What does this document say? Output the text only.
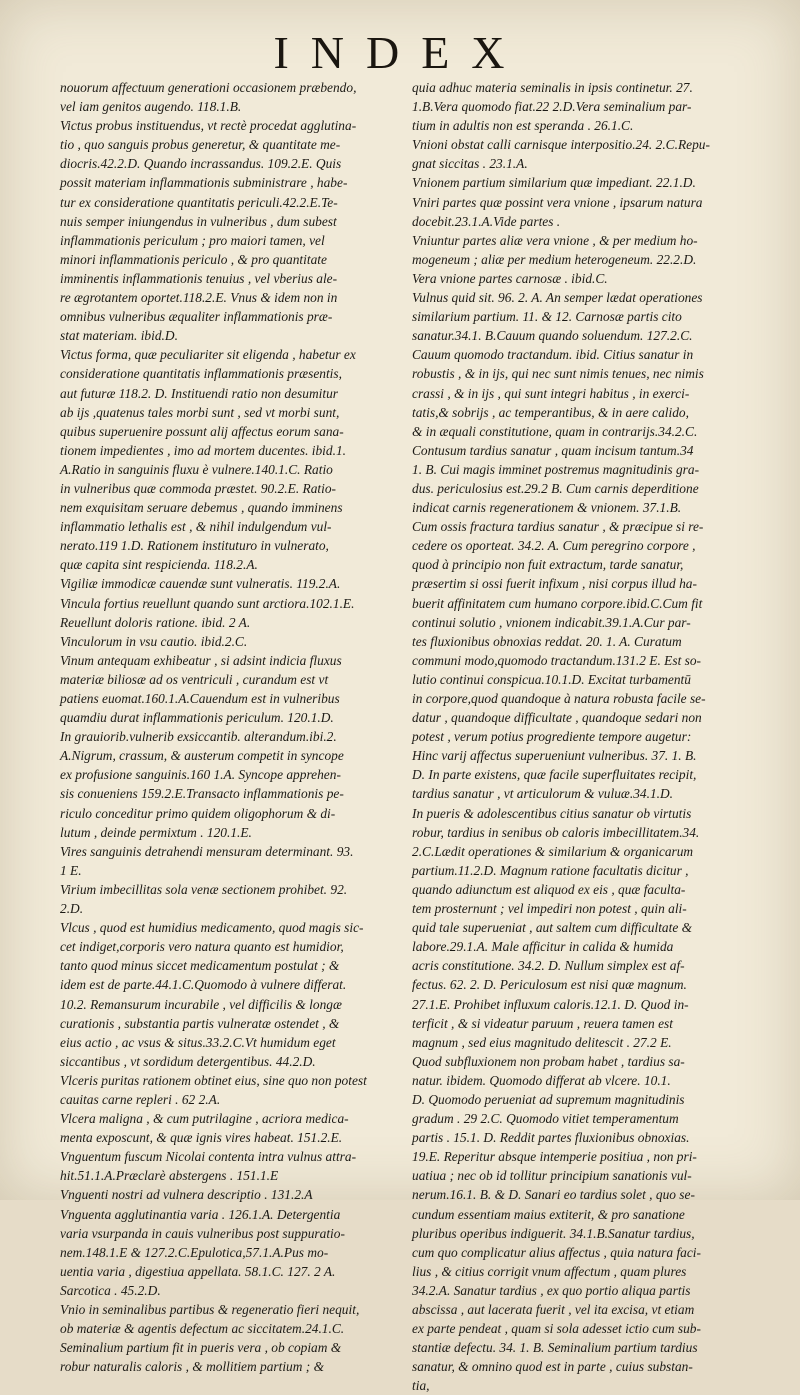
INDEX
nouorum affectuum generationi occasionem præbendo,
vel iam genitos augendo. 118.1.B.
Victus probus instituendus, vt rectè procedat agglutina-
tio , quo sanguis probus generetur, & quantitate me-
diocris.42.2.D. Quando incrassandus. 109.2.E. Quis
possit materiam inflammationis subministrare , habe-
tur ex consideratione quantitatis periculi.42.2.E.Te-
nuis semper iniungendus in vulneribus , dum subest
inflammationis periculum ; pro maiori tamen, vel
minori inflammationis periculo , & pro quantitate
imminentis inflammationis tenuius , vel vberius ale-
re ægrotantem oportet.118.2.E. Vnus & idem non in
omnibus vulneribus æqualiter inflammationis præ-
stat materiam. ibid.D.
Victus forma, quæ peculiariter sit eligenda , habetur ex
consideratione quantitatis inflammationis præsentis,
aut futuræ 118.2. D. Instituendi ratio non desumitur
ab ijs ,quatenus tales morbi sunt , sed vt morbi sunt,
quibus superuenire possunt alij affectus eorum sana-
tionem impedientes , imo ad mortem ducentes. ibid.1.
A.Ratio in sanguinis fluxu è vulnere.140.1.C. Ratio
in vulneribus quæ commoda præstet. 90.2.E. Ratio-
nem exquisitam seruare debemus , quando imminens
inflammatio lethalis est , & nihil indulgendum vul-
nerato.119 1.D. Rationem instituturo in vulnerato,
quæ capita sint respicienda. 118.2.A.
Vigiliæ immodicæ cauendæ sunt vulneratis. 119.2.A.
Vincula fortius reuellunt quando sunt arctiora.102.1.E.
Reuellunt doloris ratione. ibid. 2 A.
Vinculorum in vsu cautio. ibid.2.C.
Vinum antequam exhibeatur , si adsint indicia fluxus
materiæ biliosæ ad os ventriculi , curandum est vt
patiens euomat.160.1.A.Cauendum est in vulneribus
quamdiu durat inflammationis periculum. 120.1.D.
In grauiorib.vulnerib exsiccantib. alterandum.ibi.2.
A.Nigrum, crassum, & austerum competit in syncope
ex profusione sanguinis.160 1.A. Syncope apprehen-
sis conueniens 159.2.E.Transacto inflammationis pe-
riculo conceditur primo quidem oligophorum & di-
lutum , deinde permixtum . 120.1.E.
Vires sanguinis detrahendi mensuram determinant. 93.
1 E.
Virium imbecillitas sola venæ sectionem prohibet. 92.
2.D.
Vlcus , quod est humidius medicamento, quod magis sic-
cet indiget,corporis vero natura quanto est humidior,
tanto quod minus siccet medicamentum postulat ; &
idem est de parte.44.1.C.Quomodo à vulnere differat.
10.2. Remansurum incurabile , vel difficilis & longæ
curationis , substantia partis vulneratæ ostendet , &
eius actio , ac vsus & situs.33.2.C.Vt humidum eget
siccantibus , vt sordidum detergentibus. 44.2.D.
Vlceris puritas rationem obtinet eius, sine quo non potest
cauitas carne repleri . 62 2.A.
Vlcera maligna , & cum putrilagine , acriora medica-
menta exposcunt, & quæ ignis vires habeat. 151.2.E.
Vnguentum fuscum Nicolai contenta intra vulnus attra-
hit.51.1.A.Præclarè abstergens . 151.1.E
Vnguenti nostri ad vulnera descriptio . 131.2.A
Vnguenta agglutinantia varia . 126.1.A. Detergentia
varia vsurpanda in cauis vulneribus post suppuratio-
nem.148.1.E & 127.2.C.Epulotica,57.1.A.Pus mo-
uentia varia , digestiua appellata. 58.1.C. 127. 2 A.
Sarcotica . 45.2.D.
Vnio in seminalibus partibus & regeneratio fieri nequit,
ob materiæ & agentis defectum ac siccitatem.24.1.C.
Seminalium partium fit in pueris vera , ob copiam &
robur naturalis caloris , & mollitiem partium ; &
quia adhuc materia seminalis in ipsis continetur. 27.
1.B.Vera quomodo fiat.22 2.D.Vera seminalium par-
tium in adultis non est speranda . 26.1.C.
Vnioni obstat calli carnisque interpositio.24. 2.C.Repu-
gnat siccitas . 23.1.A.
Vnionem partium similarium quæ impediant. 22.1.D.
Vniri partes quæ possint vera vnione , ipsarum natura
docebit.23.1.A.Vide partes .
Vniuntur partes aliæ vera vnione , & per medium ho-
mogeneum ; aliæ per medium heterogeneum. 22.2.D.
Vera vnione partes carnosæ . ibid.C.
Vulnus quid sit. 96. 2. A. An semper lædat operationes
similarium partium. 11. & 12. Carnosæ partis cito
sanatur.34.1. B.Cauum quando soluendum. 127.2.C.
Cauum quomodo tractandum. ibid. Citius sanatur in
robustis , & in ijs, qui nec sunt nimis tenues, nec nimis
crassi , & in ijs , qui sunt integri habitus , in exerci-
tatis,& sobrijs , ac temperantibus, & in aere calido,
& in æquali constitutione, quam in contrarijs.34.2.C.
Contusum tardius sanatur , quam incisum tantum.34
1. B. Cui magis imminet postremus magnitudinis gra-
dus. periculosius est.29.2 B. Cum carnis deperditione
indicat carnis regenerationem & vnionem. 37.1.B.
Cum ossis fractura tardius sanatur , & præcipue si re-
cedere os oporteat. 34.2. A. Cum peregrino corpore ,
quod à principio non fuit extractum, tarde sanatur,
præsertim si ossi fuerit infixum , nisi corpus illud ha-
buerit affinitatem cum humano corpore.ibid.C.Cum fit
continui solutio , vnionem indicabit.39.1.A.Cur par-
tes fluxionibus obnoxias reddat. 20. 1. A. Curatum
communi modo,quomodo tractandum.131.2 E. Est so-
lutio continui conspicua.10.1.D. Excitat turbamentū
in corpore,quod quandoque à natura robusta facile se-
datur , quandoque difficultate , quandoque sedari non
potest , verum potius progrediente tempore augetur:
Hinc varij affectus superueniunt vulneribus. 37. 1. B.
D. In parte existens, quæ facile superfluitates recipit,
tardius sanatur , vt articulorum & vuluæ.34.1.D.
In pueris & adolescentibus citius sanatur ob virtutis
robur, tardius in senibus ob caloris imbecillitatem.34.
2.C.Lædit operationes & similarium & organicarum
partium.11.2.D. Magnum ratione facultatis dicitur ,
quando adiunctum est aliquod ex eis , quæ faculta-
tem prosternunt ; vel impediri non potest , quin ali-
quid tale superueniat , aut saltem cum difficultate &
labore.29.1.A. Male afficitur in calida & humida
acris constitutione. 34.2. D. Nullum simplex est af-
fectus. 62. 2. D. Periculosum est nisi quæ magnum.
27.1.E. Prohibet influxum caloris.12.1. D. Quod in-
terficit , & si videatur paruum , reuera tamen est
magnum , sed eius magnitudo delitescit . 27.2 E.
Quod subfluxionem non probam habet , tardius sa-
natur. ibidem. Quomodo differat ab vlcere. 10.1.
D. Quomodo perueniat ad supremum magnitudinis
gradum . 29 2.C. Quomodo vitiet temperamentum
partis . 15.1. D. Reddit partes fluxionibus obnoxias.
19.E. Reperitur absque intemperie positiua , non pri-
uatiua ; nec ob id tollitur principium sanationis vul-
nerum.16.1. B. & D. Sanari eo tardius solet , quo se-
cundum essentiam maius extiterit, & pro sanatione
pluribus operibus indiguerit. 34.1.B.Sanatur tardius,
cum quo complicatur alius affectus , quia natura faci-
lius , & citius corrigit vnum affectum , quam plures
34.2.A. Sanatur tardius , ex quo portio aliqua partis
abscissa , aut lacerata fuerit , vel ita excisa, vt etiam
ex parte pendeat , quam si sola adesset ictio cum sub-
stantiæ defectu. 34. 1. B. Seminalium partium tardius
sanatur, & omnino quod est in parte , cuius substan-
tia,
